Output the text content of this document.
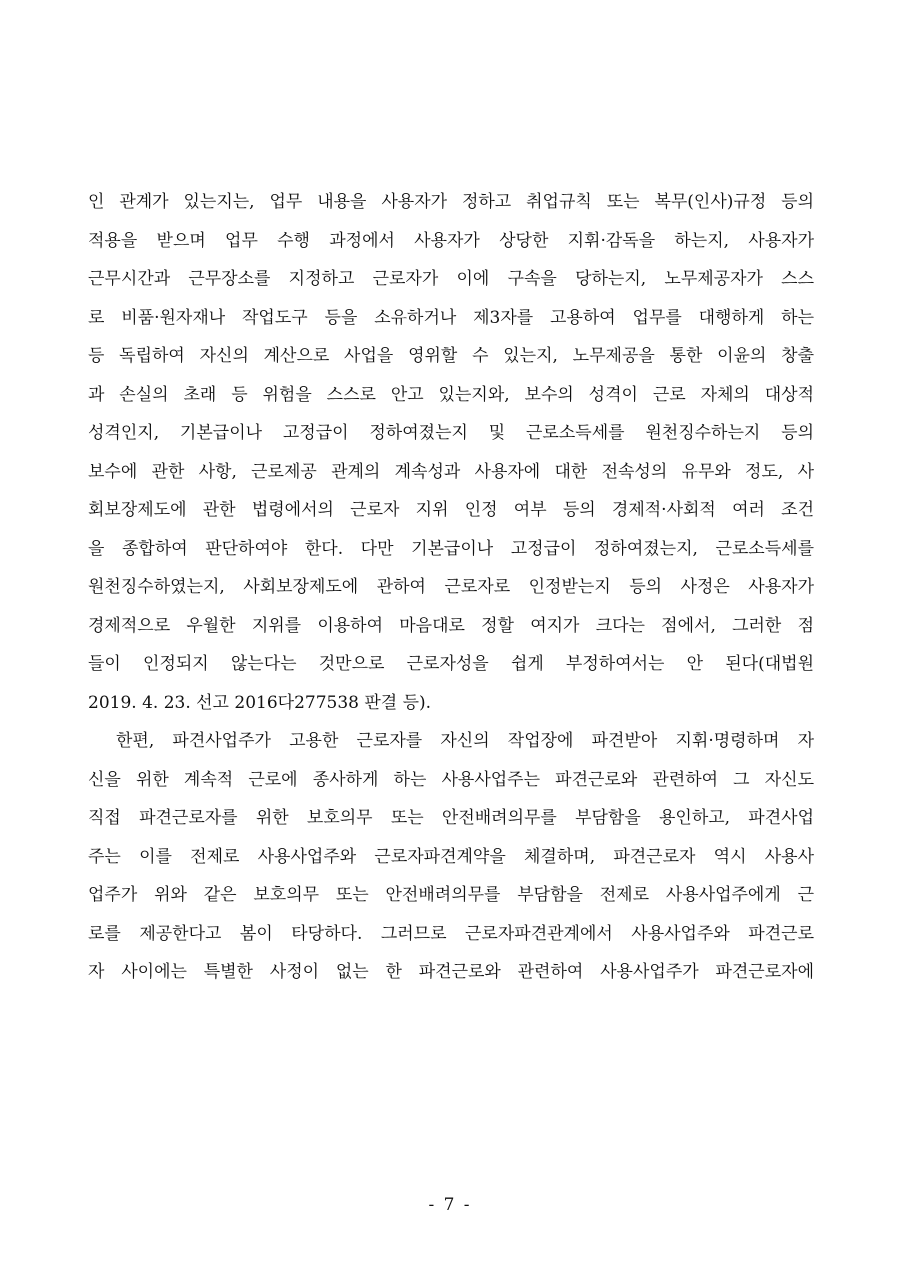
인 관계가 있는지는, 업무 내용을 사용자가 정하고 취업규칙 또는 복무(인사)규정 등의
적용을 받으며 업무 수행 과정에서 사용자가 상당한 지휘·감독을 하는지, 사용자가
근무시간과 근무장소를 지정하고 근로자가 이에 구속을 당하는지, 노무제공자가 스스
로 비품·원자재나 작업도구 등을 소유하거나 제3자를 고용하여 업무를 대행하게 하는
등 독립하여 자신의 계산으로 사업을 영위할 수 있는지, 노무제공을 통한 이윤의 창출
과 손실의 초래 등 위험을 스스로 안고 있는지와, 보수의 성격이 근로 자체의 대상적
성격인지, 기본급이나 고정급이 정하여졌는지 및 근로소득세를 원천징수하는지 등의
보수에 관한 사항, 근로제공 관계의 계속성과 사용자에 대한 전속성의 유무와 정도, 사
회보장제도에 관한 법령에서의 근로자 지위 인정 여부 등의 경제적·사회적 여러 조건
을 종합하여 판단하여야 한다. 다만 기본급이나 고정급이 정하여졌는지, 근로소득세를
원천징수하였는지, 사회보장제도에 관하여 근로자로 인정받는지 등의 사정은 사용자가
경제적으로 우월한 지위를 이용하여 마음대로 정할 여지가 크다는 점에서, 그러한 점
들이 인정되지 않는다는 것만으로 근로자성을 쉽게 부정하여서는 안 된다(대법원
2019. 4. 23. 선고 2016다277538 판결 등).
한편, 파견사업주가 고용한 근로자를 자신의 작업장에 파견받아 지휘·명령하며 자
신을 위한 계속적 근로에 종사하게 하는 사용사업주는 파견근로와 관련하여 그 자신도
직접 파견근로자를 위한 보호의무 또는 안전배려의무를 부담함을 용인하고, 파견사업
주는 이를 전제로 사용사업주와 근로자파견계약을 체결하며, 파견근로자 역시 사용사
업주가 위와 같은 보호의무 또는 안전배려의무를 부담함을 전제로 사용사업주에게 근
로를 제공한다고 봄이 타당하다. 그러므로 근로자파견관계에서 사용사업주와 파견근로
자 사이에는 특별한 사정이 없는 한 파견근로와 관련하여 사용사업주가 파견근로자에
- 7 -
